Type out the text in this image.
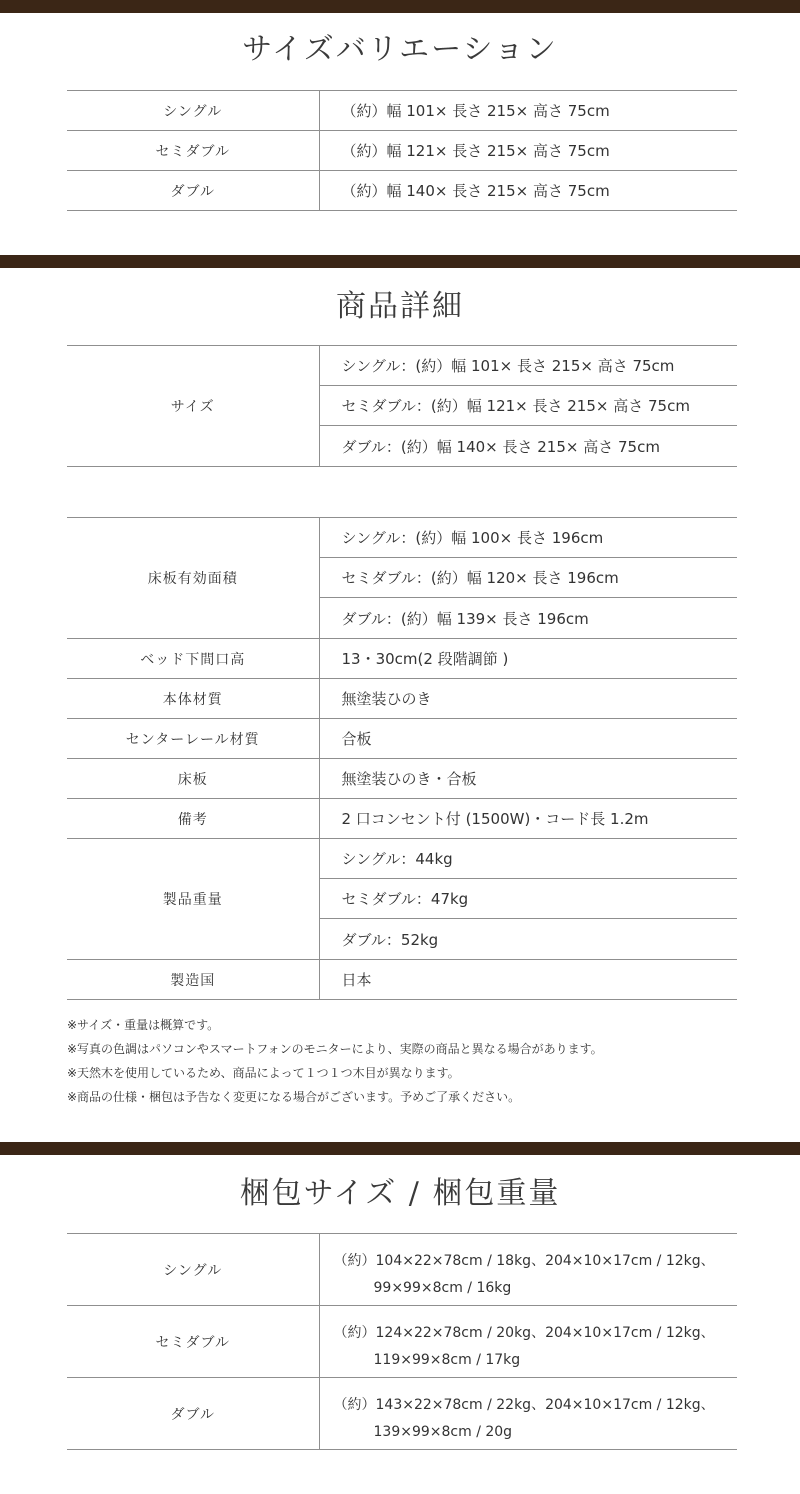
サイズバリエーション
シングル	（約）幅 101× 長さ 215× 高さ 75cm
セミダブル	（約）幅 121× 長さ 215× 高さ 75cm
ダブル	（約）幅 140× 長さ 215× 高さ 75cm
商品詳細
サイズ	
シングル：(約）幅 101× 長さ 215× 高さ 75cm
セミダブル：(約）幅 121× 長さ 215× 高さ 75cm
ダブル：(約）幅 140× 長さ 215× 高さ 75cm
床板有効面積	シングル：(約）幅 100× 長さ 196cm
セミダブル：(約）幅 120× 長さ 196cm
ダブル：(約）幅 139× 長さ 196cm

ベッド下間口高	13・30cm(2 段階調節 )
本体材質	無塗装ひのき
センターレール材質	合板
床板	無塗装ひのき・合板
備考	2 口コンセント付 (1500W)・コード長 1.2m
製品重量	シングル：44kg
セミダブル：47kg
ダブル：52kg

製造国	日本
※サイズ・重量は概算です。
※写真の色調はパソコンやスマートフォンのモニターにより、実際の商品と異なる場合があります。
※天然木を使用しているため、商品によって１つ１つ木目が異なります。
※商品の仕様・梱包は予告なく変更になる場合がございます。予めご了承ください。
梱包サイズ / 梱包重量
シングル	（約）104×22×78cm / 18kg、204×10×17cm / 12kg、
99×99×8cm / 16kg

セミダブル	（約）124×22×78cm / 20kg、204×10×17cm / 12kg、
119×99×8cm / 17kg

ダブル	（約）143×22×78cm / 22kg、204×10×17cm / 12kg、
139×99×8cm / 20g
